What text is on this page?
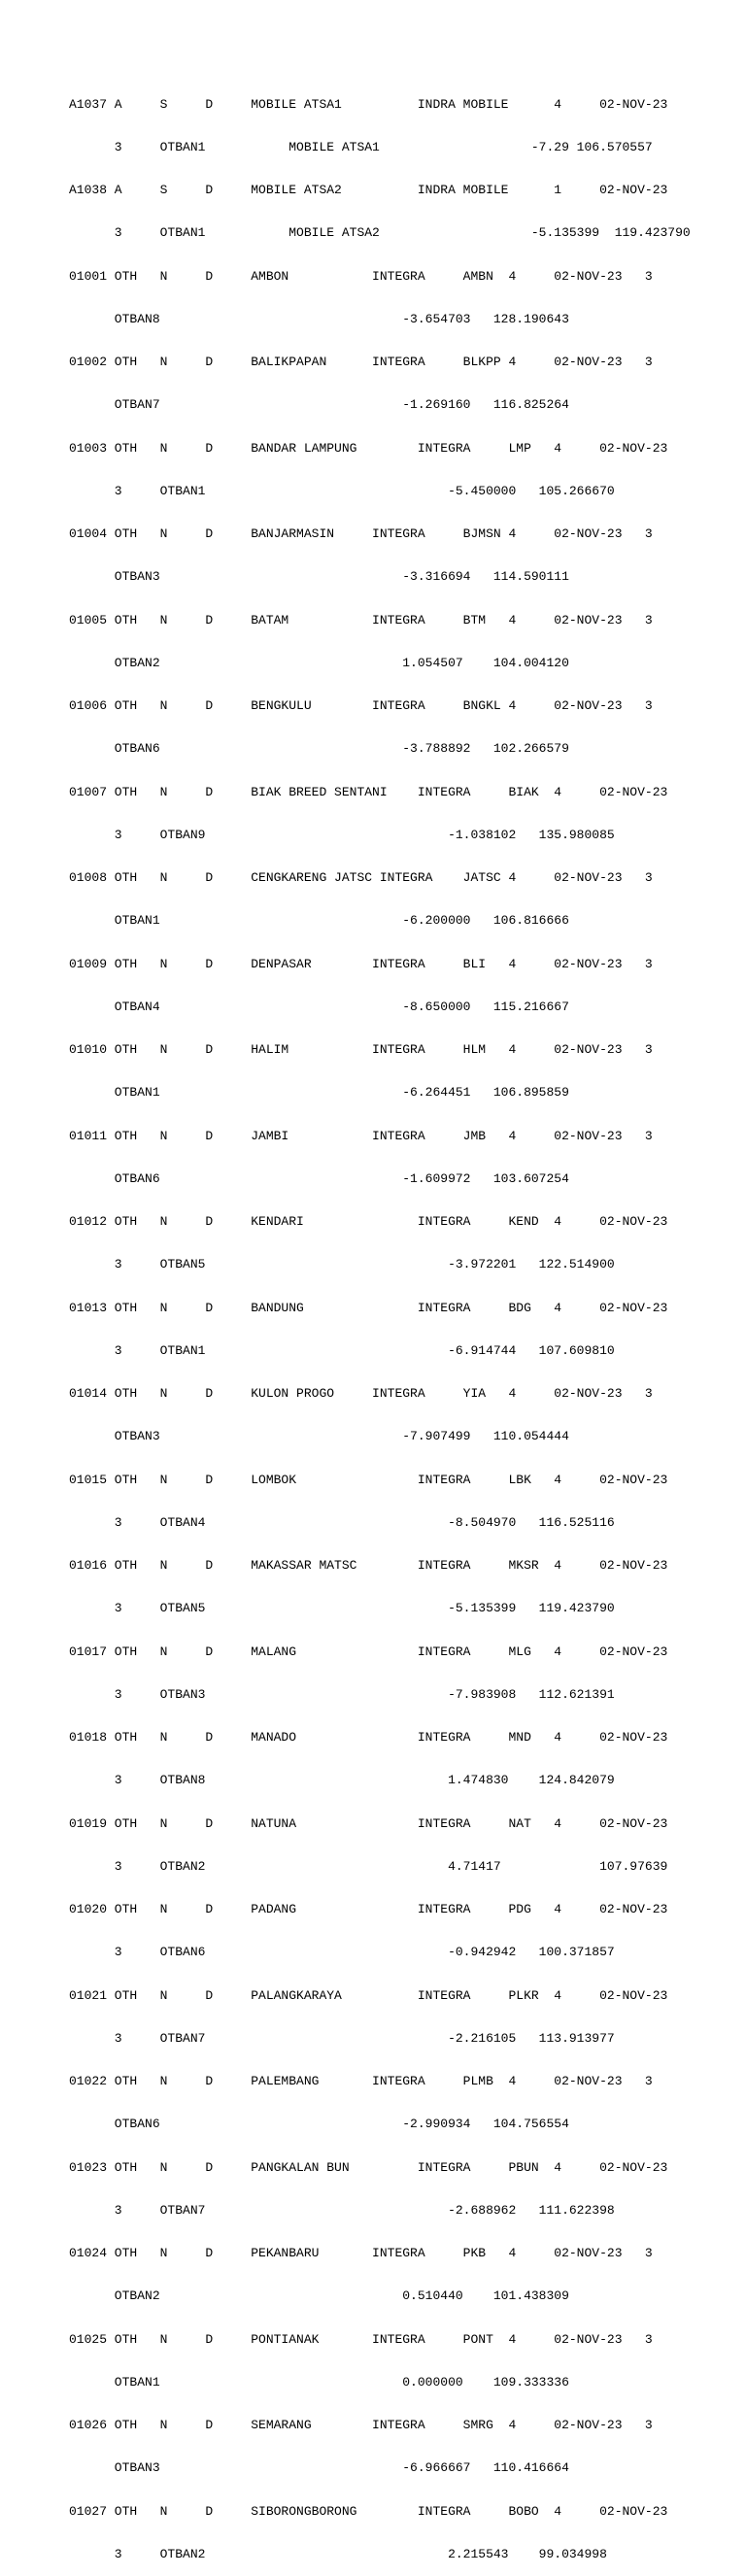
A1037 A     S     D     MOBILE ATSA1          INDRA MOBILE      4     02-NOV-23

3     OTBAN1           MOBILE ATSA1                    -7.29 106.570557

A1038 A     S     D     MOBILE ATSA2          INDRA MOBILE      1     02-NOV-23

3     OTBAN1           MOBILE ATSA2                    -5.135399  119.423790

01001 OTH   N     D     AMBON           INTEGRA     AMBN  4     02-NOV-23   3

OTBAN8                                -3.654703   128.190643

01002 OTH   N     D     BALIKPAPAN      INTEGRA     BLKPP 4     02-NOV-23   3

OTBAN7                                -1.269160   116.825264

01003 OTH   N     D     BANDAR LAMPUNG        INTEGRA     LMP   4     02-NOV-23

3     OTBAN1                                -5.450000   105.266670

01004 OTH   N     D     BANJARMASIN     INTEGRA     BJMSN 4     02-NOV-23   3

OTBAN3                                -3.316694   114.590111

01005 OTH   N     D     BATAM           INTEGRA     BTM   4     02-NOV-23   3

OTBAN2                                1.054507    104.004120

01006 OTH   N     D     BENGKULU        INTEGRA     BNGKL 4     02-NOV-23   3

OTBAN6                                -3.788892   102.266579

01007 OTH   N     D     BIAK BREED SENTANI    INTEGRA     BIAK  4     02-NOV-23

3     OTBAN9                                -1.038102   135.980085

01008 OTH   N     D     CENGKARENG JATSC INTEGRA    JATSC 4     02-NOV-23   3

OTBAN1                                -6.200000   106.816666

01009 OTH   N     D     DENPASAR        INTEGRA     BLI   4     02-NOV-23   3

OTBAN4                                -8.650000   115.216667

01010 OTH   N     D     HALIM           INTEGRA     HLM   4     02-NOV-23   3

OTBAN1                                -6.264451   106.895859

01011 OTH   N     D     JAMBI           INTEGRA     JMB   4     02-NOV-23   3

OTBAN6                                -1.609972   103.607254

01012 OTH   N     D     KENDARI               INTEGRA     KEND  4     02-NOV-23

3     OTBAN5                                -3.972201   122.514900

01013 OTH   N     D     BANDUNG               INTEGRA     BDG   4     02-NOV-23

3     OTBAN1                                -6.914744   107.609810

01014 OTH   N     D     KULON PROGO     INTEGRA     YIA   4     02-NOV-23   3

OTBAN3                                -7.907499   110.054444

01015 OTH   N     D     LOMBOK                INTEGRA     LBK   4     02-NOV-23

3     OTBAN4                                -8.504970   116.525116

01016 OTH   N     D     MAKASSAR MATSC        INTEGRA     MKSR  4     02-NOV-23

3     OTBAN5                                -5.135399   119.423790

01017 OTH   N     D     MALANG                INTEGRA     MLG   4     02-NOV-23

3     OTBAN3                                -7.983908   112.621391

01018 OTH   N     D     MANADO                INTEGRA     MND   4     02-NOV-23

3     OTBAN8                                1.474830    124.842079

01019 OTH   N     D     NATUNA                INTEGRA     NAT   4     02-NOV-23

3     OTBAN2                                4.71417             107.97639

01020 OTH   N     D     PADANG                INTEGRA     PDG   4     02-NOV-23

3     OTBAN6                                -0.942942   100.371857

01021 OTH   N     D     PALANGKARAYA          INTEGRA     PLKR  4     02-NOV-23

3     OTBAN7                                -2.216105   113.913977

01022 OTH   N     D     PALEMBANG       INTEGRA     PLMB  4     02-NOV-23   3

OTBAN6                                -2.990934   104.756554

01023 OTH   N     D     PANGKALAN BUN         INTEGRA     PBUN  4     02-NOV-23

3     OTBAN7                                -2.688962   111.622398

01024 OTH   N     D     PEKANBARU       INTEGRA     PKB   4     02-NOV-23   3

OTBAN2                                0.510440    101.438309

01025 OTH   N     D     PONTIANAK       INTEGRA     PONT  4     02-NOV-23   3

OTBAN1                                0.000000    109.333336

01026 OTH   N     D     SEMARANG        INTEGRA     SMRG  4     02-NOV-23   3

OTBAN3                                -6.966667   110.416664

01027 OTH   N     D     SIBORONGBORONG        INTEGRA     BOBO  4     02-NOV-23

3     OTBAN2                                2.215543    99.034998
